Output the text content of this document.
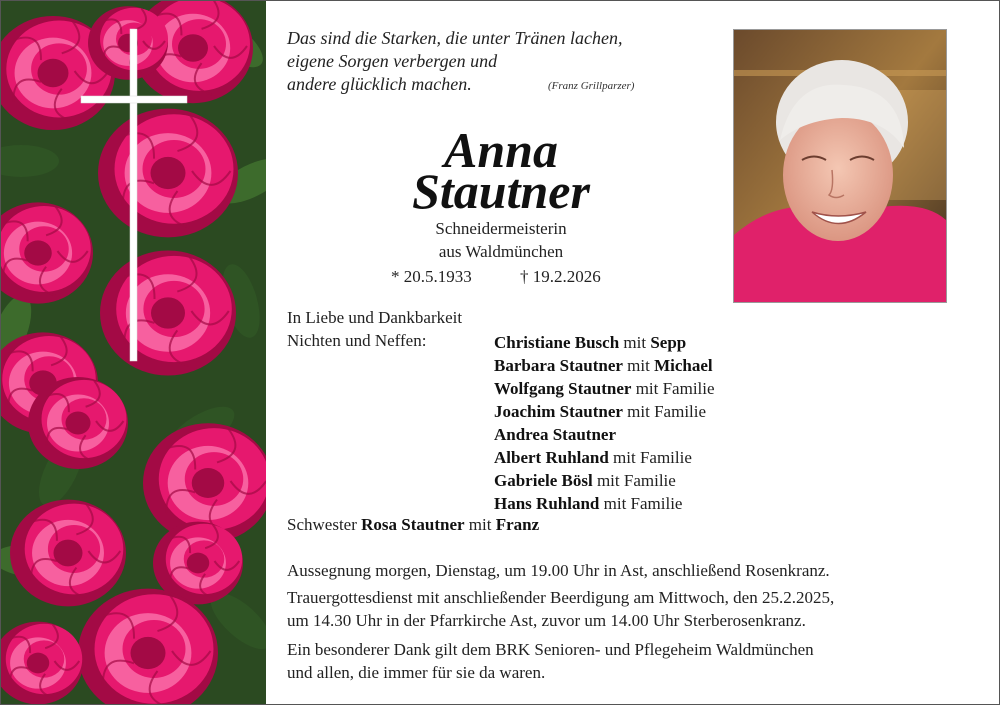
Das sind die Starken, die unter Tränen lachen,
eigene Sorgen verbergen und
andere glücklich machen.	(Franz Grillparzer)
Anna
Stautner
Schneidermeisterin
aus Waldmünchen
* 20.5.1933	† 19.2.2026
In Liebe und Dankbarkeit
Nichten und Neffen:	Christiane Busch mit Sepp
Barbara Stautner mit Michael
Wolfgang Stautner mit Familie
Joachim Stautner mit Familie
Andrea Stautner
Albert Ruhland mit Familie
Gabriele Bösl mit Familie
Hans Ruhland mit Familie
Schwester Rosa Stautner mit Franz
Aussegnung morgen, Dienstag, um 19.00 Uhr in Ast, anschließend Rosenkranz.
Trauergottesdienst mit anschließender Beerdigung am Mittwoch, den 25.2.2025,
um 14.30 Uhr in der Pfarrkirche Ast, zuvor um 14.00 Uhr Sterberosenkranz.
Ein besonderer Dank gilt dem BRK Senioren- und Pflegeheim Waldmünchen
und allen, die immer für sie da waren.
